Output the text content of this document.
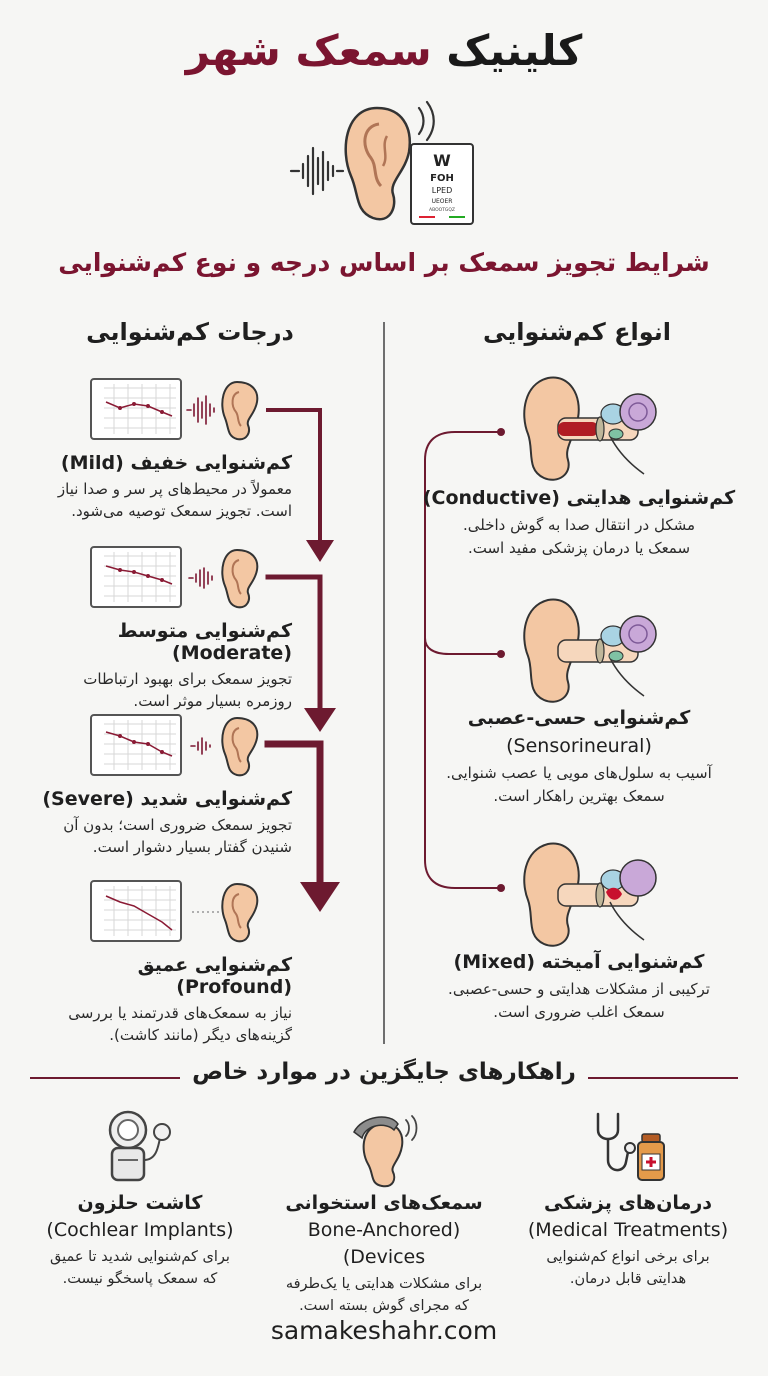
کلینیک سمعک شهر
W
FOH
LPED
UEOER
ABOOTGQZ
شرایط تجویز سمعک بر اساس درجه و نوع کم‌شنوایی
درجات کم‌شنوایی	انواع کم‌شنوایی
کم‌شنوایی خفیف (Mild)
معمولاً در محیط‌های پر سر و صدا نیاز
است. تجویز سمعک توصیه می‌شود.
کم‌شنوایی متوسط (Moderate)
تجویز سمعک برای بهبود ارتباطات
روزمره بسیار موثر است.
کم‌شنوایی شدید (Severe)
تجویز سمعک ضروری است؛ بدون آن
شنیدن گفتار بسیار دشوار است.
کم‌شنوایی عمیق (Profound)
نیاز به سمعک‌های قدرتمند یا بررسی
گزینه‌های دیگر (مانند کاشت).
کم‌شنوایی هدایتی (Conductive)
مشکل در انتقال صدا به گوش داخلی.
سمعک یا درمان پزشکی مفید است.
کم‌شنوایی حسی-عصبی
(Sensorineural)
آسیب به سلول‌های مویی یا عصب شنوایی.
سمعک بهترین راهکار است.
کم‌شنوایی آمیخته (Mixed)
ترکیبی از مشکلات هدایتی و حسی-عصبی.
سمعک اغلب ضروری است.
راهکارهای جایگزین در موارد خاص
کاشت حلزون
(Cochlear Implants)
برای کم‌شنوایی شدید تا عمیق
که سمعک پاسخگو نیست.
سمعک‌های استخوانی
(Bone-Anchored Devices)
برای مشکلات هدایتی یا یک‌طرفه
که مجرای گوش بسته است.
درمان‌های پزشکی
(Medical Treatments)
برای برخی انواع کم‌شنوایی
هدایتی قابل درمان.
samakeshahr.com
